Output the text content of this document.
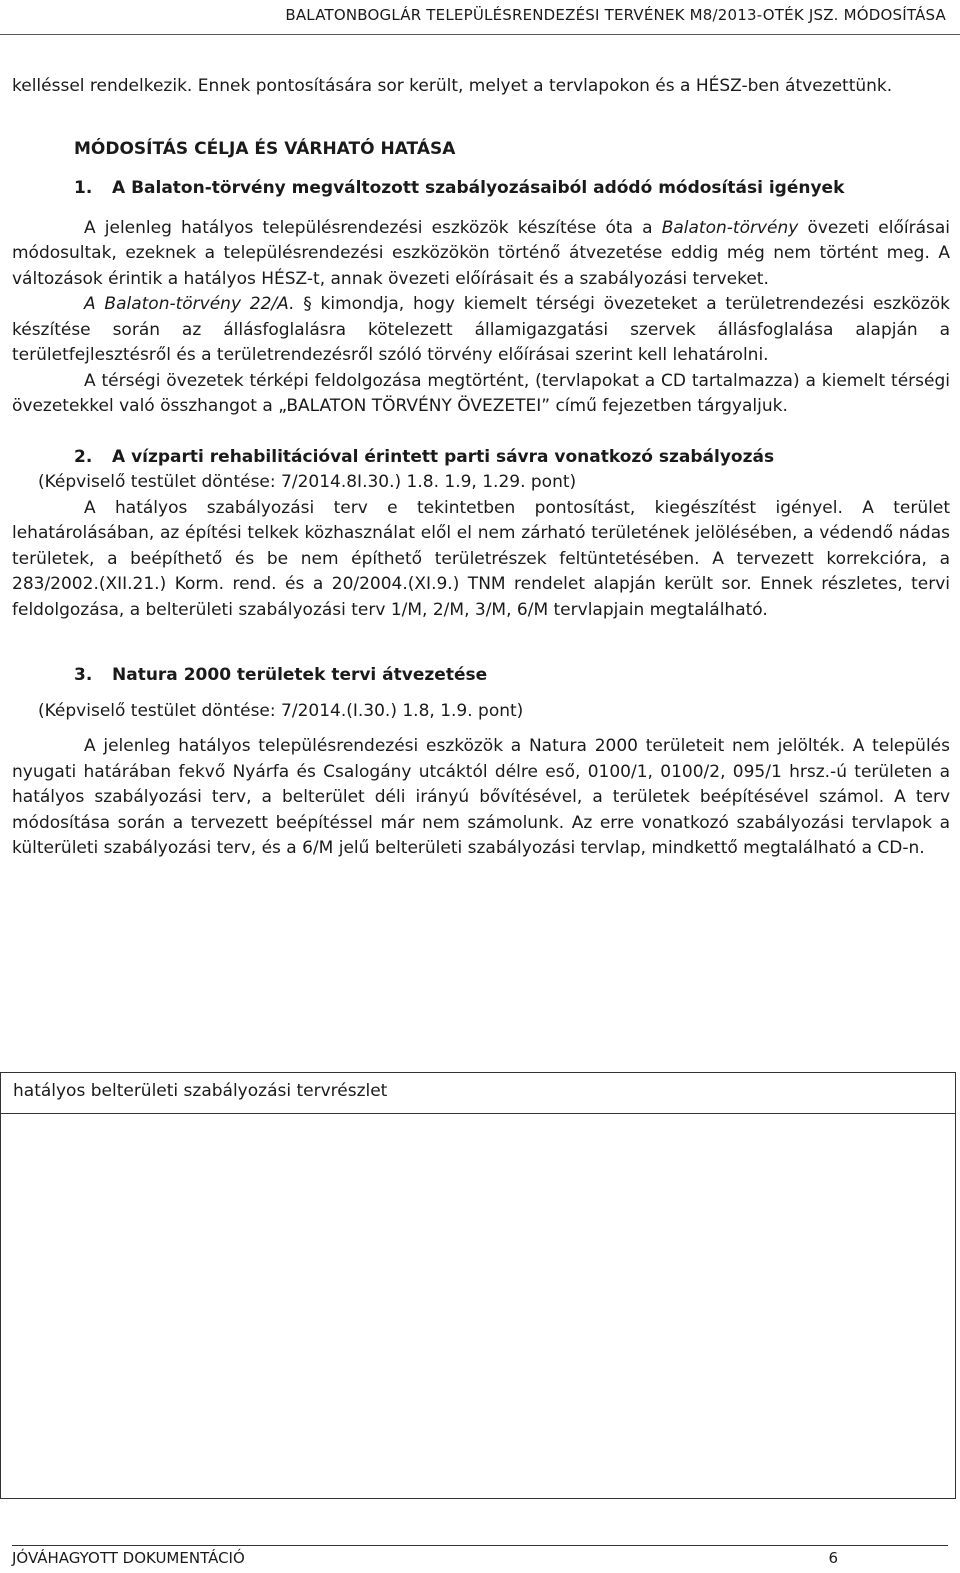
BALATONBOGLÁR TELEPÜLÉSRENDEZÉSI TERVÉNEK M8/2013-OTÉK JSZ. MÓDOSÍTÁSA

kelléssel rendelkezik. Ennek pontosítására sor került, melyet a tervlapokon és a HÉSZ-ben átvezettünk.

MÓDOSÍTÁS CÉLJA ÉS VÁRHATÓ HATÁSA

1. A Balaton-törvény megváltozott szabályozásaiból adódó módosítási igények

A jelenleg hatályos településrendezési eszközök készítése óta a Balaton-törvény övezeti előírásai módosultak, ezeknek a településrendezési eszközökön történő átvezetése eddig még nem történt meg. A változások érintik a hatályos HÉSZ-t, annak övezeti előírásait és a szabályozási terveket.

A Balaton-törvény 22/A. § kimondja, hogy kiemelt térségi övezeteket a területrendezési eszközök készítése során az állásfoglalásra kötelezett államigazgatási szervek állásfoglalása alapján a területfejlesztésről és a területrendezésről szóló törvény előírásai szerint kell lehatárolni.

A térségi övezetek térképi feldolgozása megtörtént, (tervlapokat a CD tartalmazza) a kiemelt térségi övezetekkel való összhangot a „BALATON TÖRVÉNY ÖVEZETEI” című fejezetben tárgyaljuk.

2. A vízparti rehabilitációval érintett parti sávra vonatkozó szabályozás

(Képviselő testület döntése: 7/2014.8I.30.) 1.8. 1.9, 1.29. pont)

A hatályos szabályozási terv e tekintetben pontosítást, kiegészítést igényel. A terület lehatárolásában, az építési telkek közhasználat elől el nem zárható területének jelölésében, a védendő nádas területek, a beépíthető és be nem építhető területrészek feltüntetésében. A tervezett korrekcióra, a 283/2002.(XII.21.) Korm. rend. és a 20/2004.(XI.9.) TNM rendelet alapján került sor. Ennek részletes, tervi feldolgozása, a belterületi szabályozási terv 1/M, 2/M, 3/M, 6/M tervlapjain megtalálható.

3. Natura 2000 területek tervi átvezetése

(Képviselő testület döntése: 7/2014.(I.30.) 1.8, 1.9. pont)

A jelenleg hatályos településrendezési eszközök a Natura 2000 területeit nem jelölték. A település nyugati határában fekvő Nyárfa és Csalogány utcáktól délre eső, 0100/1, 0100/2, 095/1 hrsz.-ú területen a hatályos szabályozási terv, a belterület déli irányú bővítésével, a területek beépítésével számol. A terv módosítása során a tervezett beépítéssel már nem számolunk. Az erre vonatkozó szabályozási tervlapok a külterületi szabályozási terv, és a 6/M jelű belterületi szabályozási tervlap, mindkettő megtalálható a CD-n.

hatályos belterületi szabályozási tervrészlet
JÓVÁHAGYOTT DOKUMENTÁCIÓ	6
